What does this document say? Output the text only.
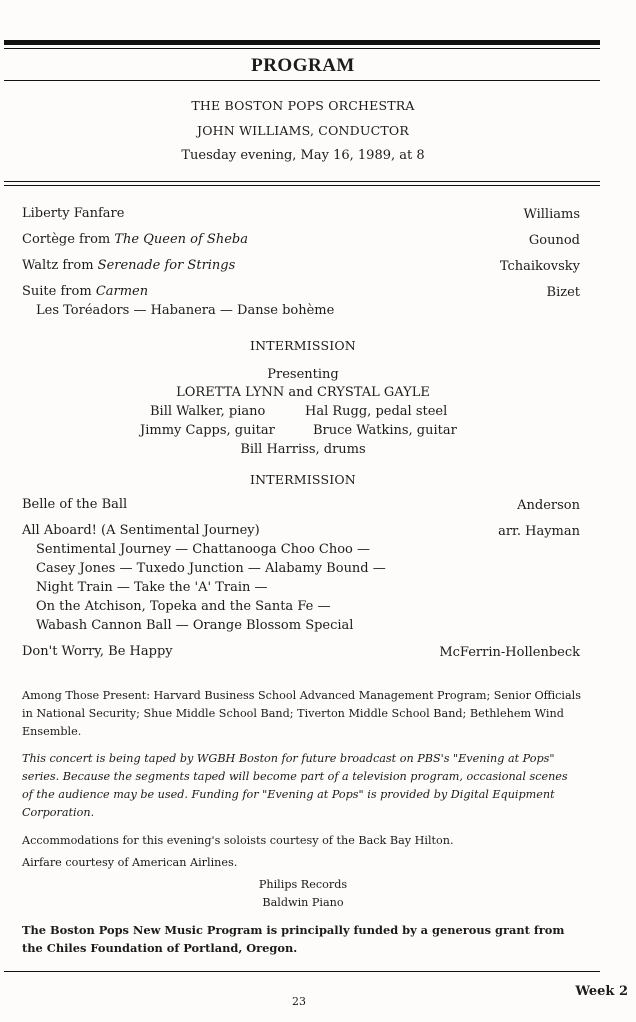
PROGRAM
THE BOSTON POPS ORCHESTRA
JOHN WILLIAMS, CONDUCTOR
Tuesday evening, May 16, 1989, at 8
Liberty Fanfare	Williams
Cortège from The Queen of Sheba	Gounod
Waltz from Serenade for Strings	Tchaikovsky
Suite from Carmen	Bizet
Les Toréadors — Habanera — Danse bohème
INTERMISSION
Presenting
LORETTA LYNN and CRYSTAL GAYLE
Bill Walker, piano	Hal Rugg, pedal steel
Jimmy Capps, guitar	Bruce Watkins, guitar
Bill Harriss, drums
INTERMISSION
Belle of the Ball	Anderson
All Aboard! (A Sentimental Journey)	arr. Hayman
Sentimental Journey — Chattanooga Choo Choo —
Casey Jones — Tuxedo Junction — Alabamy Bound —
Night Train — Take the 'A' Train —
On the Atchison, Topeka and the Santa Fe —
Wabash Cannon Ball — Orange Blossom Special
Don't Worry, Be Happy	McFerrin-Hollenbeck
Among Those Present: Harvard Business School Advanced Management Program; Senior Officials in National Security; Shue Middle School Band; Tiverton Middle School Band; Bethlehem Wind Ensemble.
This concert is being taped by WGBH Boston for future broadcast on PBS's "Evening at Pops" series. Because the segments taped will become part of a television program, occasional scenes of the audience may be used. Funding for "Evening at Pops" is provided by Digital Equipment Corporation.
Accommodations for this evening's soloists courtesy of the Back Bay Hilton.
Airfare courtesy of American Airlines.
Philips Records
Baldwin Piano
The Boston Pops New Music Program is principally funded by a generous grant from the Chiles Foundation of Portland, Oregon.
Week 2
23
